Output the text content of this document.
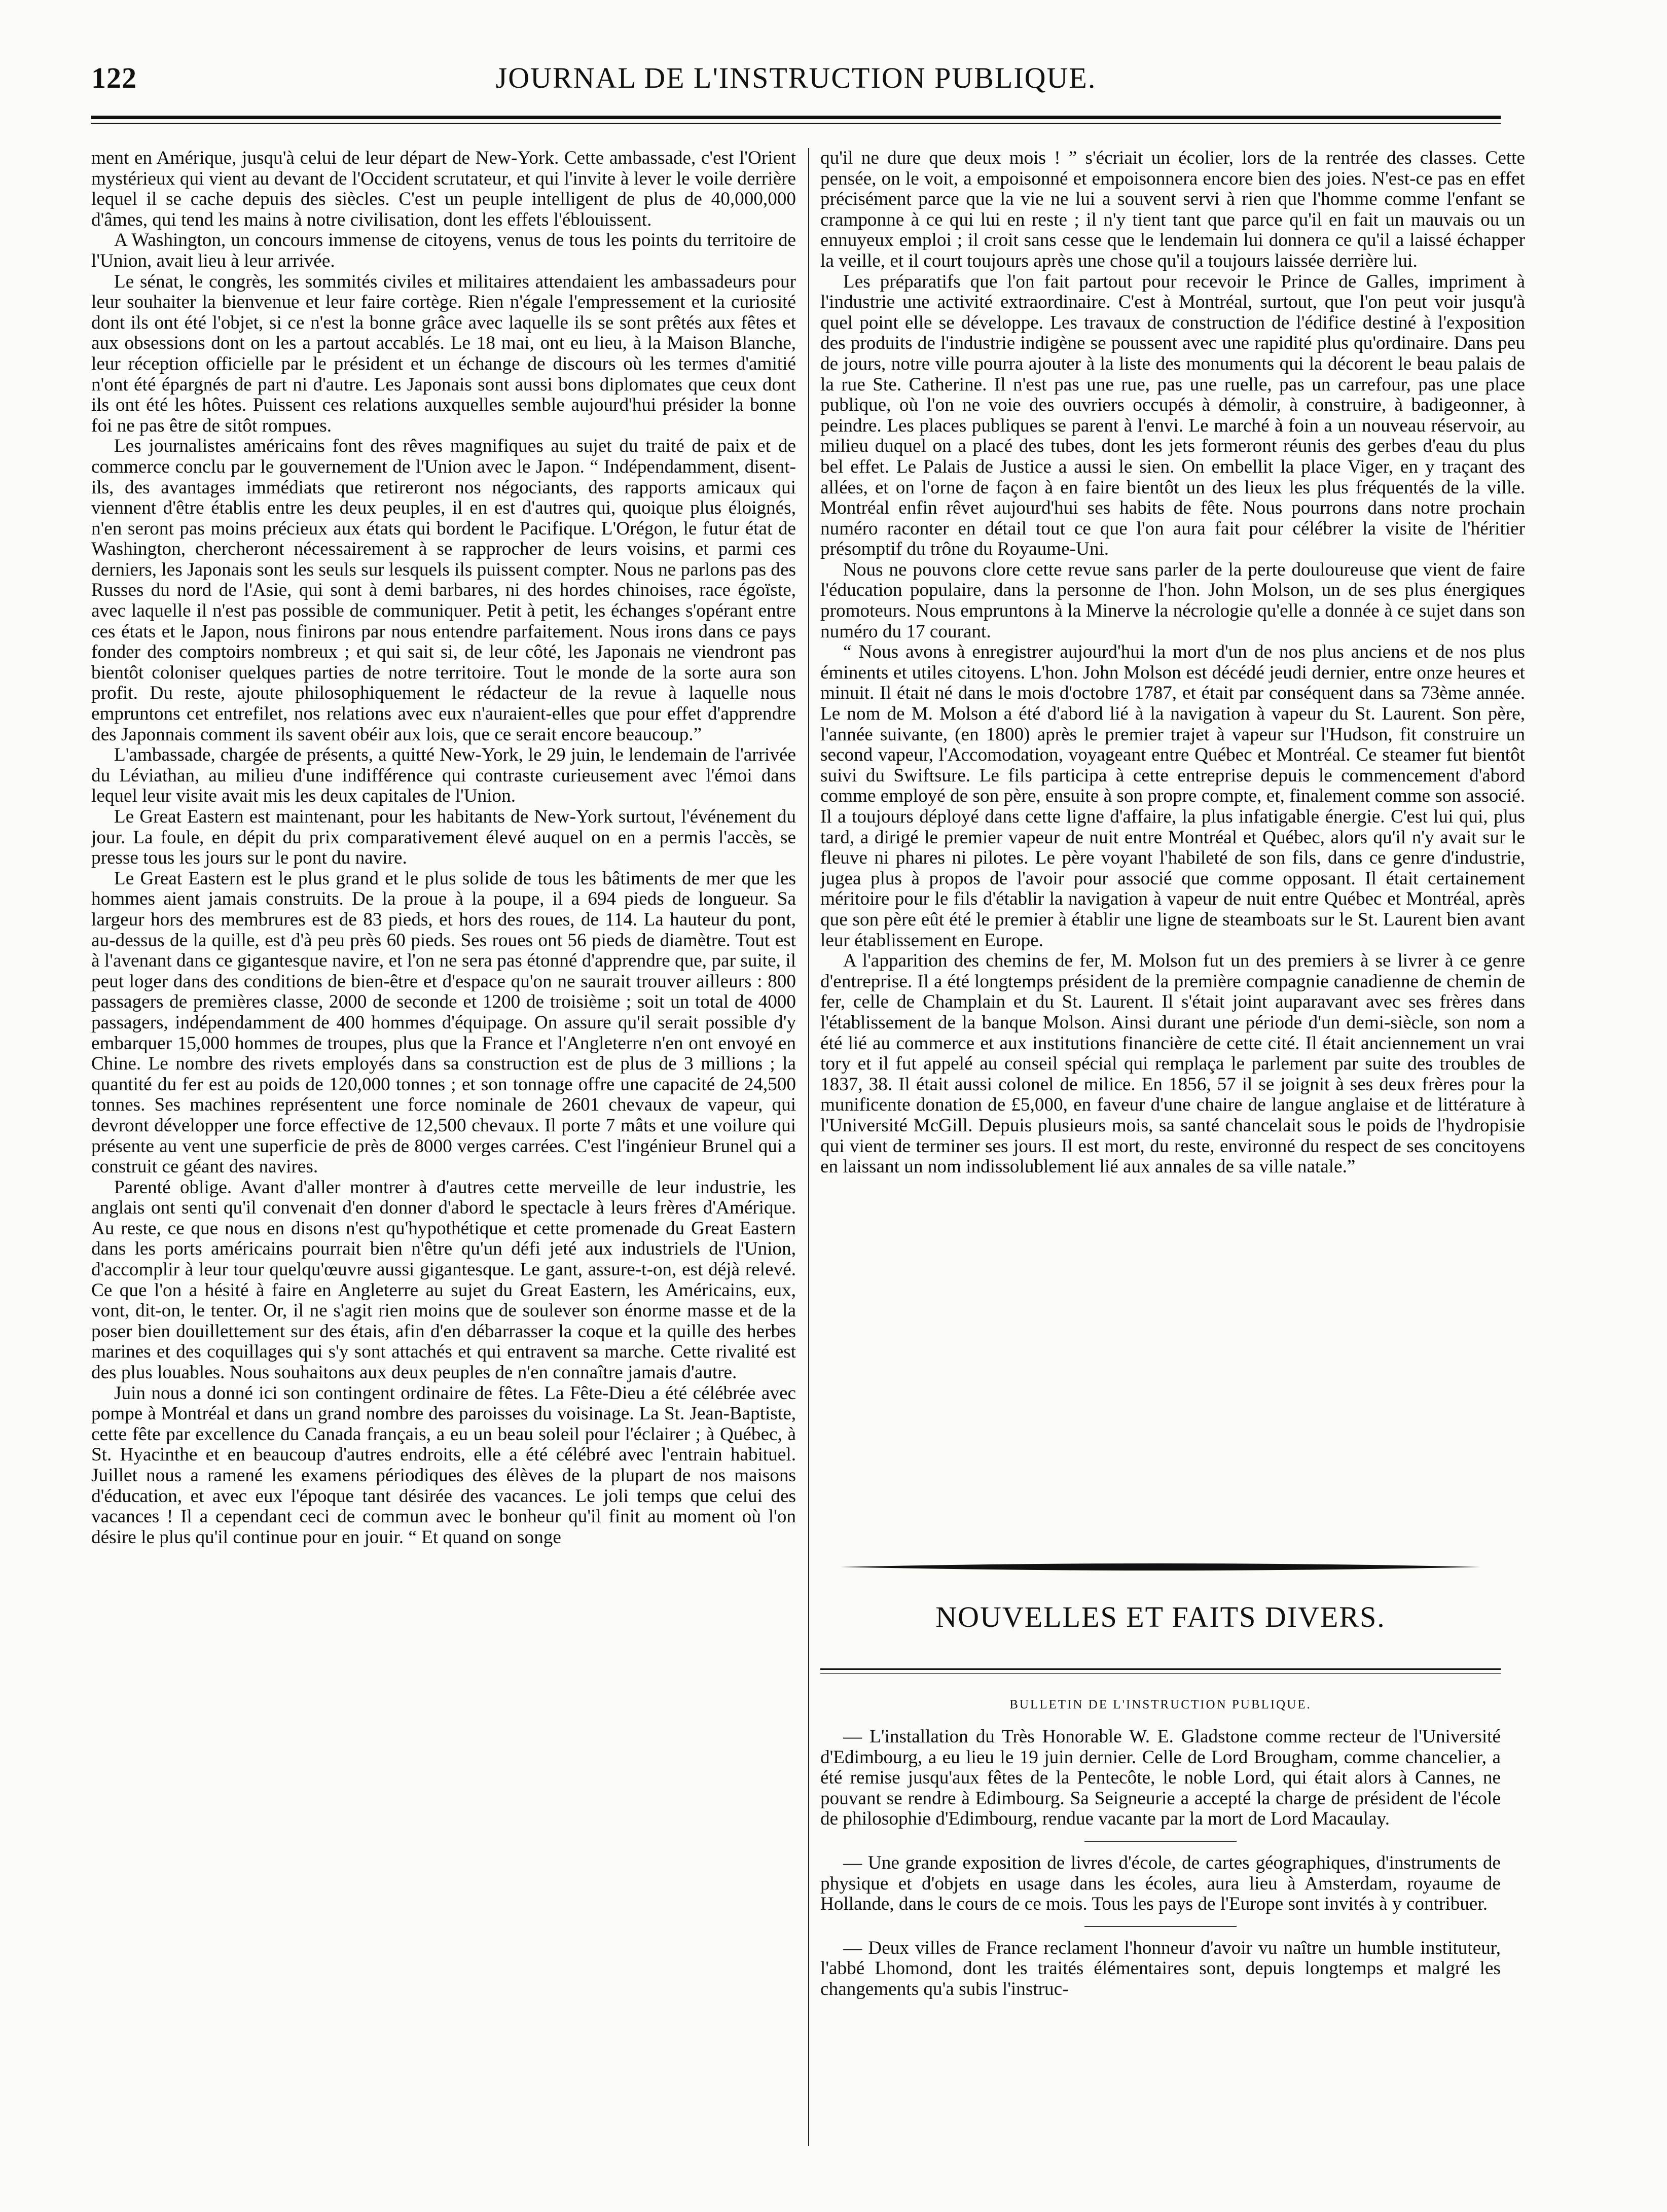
122	JOURNAL DE L'INSTRUCTION PUBLIQUE.

ment en Amérique, jusqu'à celui de leur départ de New-York. Cette ambassade, c'est l'Orient mystérieux qui vient au devant de l'Occident scrutateur, et qui l'invite à lever le voile derrière lequel il se cache depuis des siècles. C'est un peuple intelligent de plus de 40,000,000 d'âmes, qui tend les mains à notre civilisation, dont les effets l'éblouissent.

A Washington, un concours immense de citoyens, venus de tous les points du territoire de l'Union, avait lieu à leur arrivée.

Le sénat, le congrès, les sommités civiles et militaires attendaient les ambassadeurs pour leur souhaiter la bienvenue et leur faire cortège. Rien n'égale l'empressement et la curiosité dont ils ont été l'objet, si ce n'est la bonne grâce avec laquelle ils se sont prêtés aux fêtes et aux obsessions dont on les a partout accablés. Le 18 mai, ont eu lieu, à la Maison Blanche, leur réception officielle par le président et un échange de discours où les termes d'amitié n'ont été épargnés de part ni d'autre. Les Japonais sont aussi bons diplomates que ceux dont ils ont été les hôtes. Puissent ces relations auxquelles semble aujourd'hui présider la bonne foi ne pas être de sitôt rompues.

Les journalistes américains font des rêves magnifiques au sujet du traité de paix et de commerce conclu par le gouvernement de l'Union avec le Japon. “ Indépendamment, disent-ils, des avantages immédiats que retireront nos négociants, des rapports amicaux qui viennent d'être établis entre les deux peuples, il en est d'autres qui, quoique plus éloignés, n'en seront pas moins précieux aux états qui bordent le Pacifique. L'Orégon, le futur état de Washington, chercheront nécessairement à se rapprocher de leurs voisins, et parmi ces derniers, les Japonais sont les seuls sur lesquels ils puissent compter. Nous ne parlons pas des Russes du nord de l'Asie, qui sont à demi barbares, ni des hordes chinoises, race égoïste, avec laquelle il n'est pas possible de communiquer. Petit à petit, les échanges s'opérant entre ces états et le Japon, nous finirons par nous entendre parfaitement. Nous irons dans ce pays fonder des comptoirs nombreux ; et qui sait si, de leur côté, les Japonais ne viendront pas bientôt coloniser quelques parties de notre territoire. Tout le monde de la sorte aura son profit. Du reste, ajoute philosophiquement le rédacteur de la revue à laquelle nous empruntons cet entrefilet, nos relations avec eux n'auraient-elles que pour effet d'apprendre des Japonnais comment ils savent obéir aux lois, que ce serait encore beaucoup.”

L'ambassade, chargée de présents, a quitté New-York, le 29 juin, le lendemain de l'arrivée du Léviathan, au milieu d'une indifférence qui contraste curieusement avec l'émoi dans lequel leur visite avait mis les deux capitales de l'Union.

Le Great Eastern est maintenant, pour les habitants de New-York surtout, l'événement du jour. La foule, en dépit du prix comparativement élevé auquel on en a permis l'accès, se presse tous les jours sur le pont du navire.

Le Great Eastern est le plus grand et le plus solide de tous les bâtiments de mer que les hommes aient jamais construits. De la proue à la poupe, il a 694 pieds de longueur. Sa largeur hors des membrures est de 83 pieds, et hors des roues, de 114. La hauteur du pont, au-dessus de la quille, est d'à peu près 60 pieds. Ses roues ont 56 pieds de diamètre. Tout est à l'avenant dans ce gigantesque navire, et l'on ne sera pas étonné d'apprendre que, par suite, il peut loger dans des conditions de bien-être et d'espace qu'on ne saurait trouver ailleurs : 800 passagers de premières classe, 2000 de seconde et 1200 de troisième ; soit un total de 4000 passagers, indépendamment de 400 hommes d'équipage. On assure qu'il serait possible d'y embarquer 15,000 hommes de troupes, plus que la France et l'Angleterre n'en ont envoyé en Chine. Le nombre des rivets employés dans sa construction est de plus de 3 millions ; la quantité du fer est au poids de 120,000 tonnes ; et son tonnage offre une capacité de 24,500 tonnes. Ses machines représentent une force nominale de 2601 chevaux de vapeur, qui devront développer une force effective de 12,500 chevaux. Il porte 7 mâts et une voilure qui présente au vent une superficie de près de 8000 verges carrées. C'est l'ingénieur Brunel qui a construit ce géant des navires.

Parenté oblige. Avant d'aller montrer à d'autres cette merveille de leur industrie, les anglais ont senti qu'il convenait d'en donner d'abord le spectacle à leurs frères d'Amérique. Au reste, ce que nous en disons n'est qu'hypothétique et cette promenade du Great Eastern dans les ports américains pourrait bien n'être qu'un défi jeté aux industriels de l'Union, d'accomplir à leur tour quelqu'œuvre aussi gigantesque. Le gant, assure-t-on, est déjà relevé. Ce que l'on a hésité à faire en Angleterre au sujet du Great Eastern, les Américains, eux, vont, dit-on, le tenter. Or, il ne s'agit rien moins que de soulever son énorme masse et de la poser bien douillettement sur des étais, afin d'en débarrasser la coque et la quille des herbes marines et des coquillages qui s'y sont attachés et qui entravent sa marche. Cette rivalité est des plus louables. Nous souhaitons aux deux peuples de n'en connaître jamais d'autre.

Juin nous a donné ici son contingent ordinaire de fêtes. La Fête-Dieu a été célébrée avec pompe à Montréal et dans un grand nombre des paroisses du voisinage. La St. Jean-Baptiste, cette fête par excellence du Canada français, a eu un beau soleil pour l'éclairer ; à Québec, à St. Hyacinthe et en beaucoup d'autres endroits, elle a été célébré avec l'entrain habituel. Juillet nous a ramené les examens périodiques des élèves de la plupart de nos maisons d'éducation, et avec eux l'époque tant désirée des vacances. Le joli temps que celui des vacances ! Il a cependant ceci de commun avec le bonheur qu'il finit au moment où l'on désire le plus qu'il continue pour en jouir. “ Et quand on songe

qu'il ne dure que deux mois ! ” s'écriait un écolier, lors de la rentrée des classes. Cette pensée, on le voit, a empoisonné et empoisonnera encore bien des joies. N'est-ce pas en effet précisément parce que la vie ne lui a souvent servi à rien que l'homme comme l'enfant se cramponne à ce qui lui en reste ; il n'y tient tant que parce qu'il en fait un mauvais ou un ennuyeux emploi ; il croit sans cesse que le lendemain lui donnera ce qu'il a laissé échapper la veille, et il court toujours après une chose qu'il a toujours laissée derrière lui.

Les préparatifs que l'on fait partout pour recevoir le Prince de Galles, impriment à l'industrie une activité extraordinaire. C'est à Montréal, surtout, que l'on peut voir jusqu'à quel point elle se développe. Les travaux de construction de l'édifice destiné à l'exposition des produits de l'industrie indigène se poussent avec une rapidité plus qu'ordinaire. Dans peu de jours, notre ville pourra ajouter à la liste des monuments qui la décorent le beau palais de la rue Ste. Catherine. Il n'est pas une rue, pas une ruelle, pas un carrefour, pas une place publique, où l'on ne voie des ouvriers occupés à démolir, à construire, à badigeonner, à peindre. Les places publiques se parent à l'envi. Le marché à foin a un nouveau réservoir, au milieu duquel on a placé des tubes, dont les jets formeront réunis des gerbes d'eau du plus bel effet. Le Palais de Justice a aussi le sien. On embellit la place Viger, en y traçant des allées, et on l'orne de façon à en faire bientôt un des lieux les plus fréquentés de la ville. Montréal enfin rêvet aujourd'hui ses habits de fête. Nous pourrons dans notre prochain numéro raconter en détail tout ce que l'on aura fait pour célébrer la visite de l'héritier présomptif du trône du Royaume-Uni.

Nous ne pouvons clore cette revue sans parler de la perte douloureuse que vient de faire l'éducation populaire, dans la personne de l'hon. John Molson, un de ses plus énergiques promoteurs. Nous empruntons à la Minerve la nécrologie qu'elle a donnée à ce sujet dans son numéro du 17 courant.

“ Nous avons à enregistrer aujourd'hui la mort d'un de nos plus anciens et de nos plus éminents et utiles citoyens. L'hon. John Molson est décédé jeudi dernier, entre onze heures et minuit. Il était né dans le mois d'octobre 1787, et était par conséquent dans sa 73ème année. Le nom de M. Molson a été d'abord lié à la navigation à vapeur du St. Laurent. Son père, l'année suivante, (en 1800) après le premier trajet à vapeur sur l'Hudson, fit construire un second vapeur, l'Accomodation, voyageant entre Québec et Montréal. Ce steamer fut bientôt suivi du Swiftsure. Le fils participa à cette entreprise depuis le commencement d'abord comme employé de son père, ensuite à son propre compte, et, finalement comme son associé. Il a toujours déployé dans cette ligne d'affaire, la plus infatigable énergie. C'est lui qui, plus tard, a dirigé le premier vapeur de nuit entre Montréal et Québec, alors qu'il n'y avait sur le fleuve ni phares ni pilotes. Le père voyant l'habileté de son fils, dans ce genre d'industrie, jugea plus à propos de l'avoir pour associé que comme opposant. Il était certainement méritoire pour le fils d'établir la navigation à vapeur de nuit entre Québec et Montréal, après que son père eût été le premier à établir une ligne de steamboats sur le St. Laurent bien avant leur établissement en Europe.

A l'apparition des chemins de fer, M. Molson fut un des premiers à se livrer à ce genre d'entreprise. Il a été longtemps président de la première compagnie canadienne de chemin de fer, celle de Champlain et du St. Laurent. Il s'était joint auparavant avec ses frères dans l'établissement de la banque Molson. Ainsi durant une période d'un demi-siècle, son nom a été lié au commerce et aux institutions financière de cette cité. Il était anciennement un vrai tory et il fut appelé au conseil spécial qui remplaça le parlement par suite des troubles de 1837, 38. Il était aussi colonel de milice. En 1856, 57 il se joignit à ses deux frères pour la munificente donation de £5,000, en faveur d'une chaire de langue anglaise et de littérature à l'Université McGill. Depuis plusieurs mois, sa santé chancelait sous le poids de l'hydropisie qui vient de terminer ses jours. Il est mort, du reste, environné du respect de ses concitoyens en laissant un nom indissolublement lié aux annales de sa ville natale.”

NOUVELLES ET FAITS DIVERS.
BULLETIN DE L'INSTRUCTION PUBLIQUE.

— L'installation du Très Honorable W. E. Gladstone comme recteur de l'Université d'Edimbourg, a eu lieu le 19 juin dernier. Celle de Lord Brougham, comme chancelier, a été remise jusqu'aux fêtes de la Pentecôte, le noble Lord, qui était alors à Cannes, ne pouvant se rendre à Edimbourg. Sa Seigneurie a accepté la charge de président de l'école de philosophie d'Edimbourg, rendue vacante par la mort de Lord Macaulay.

— Une grande exposition de livres d'école, de cartes géographiques, d'instruments de physique et d'objets en usage dans les écoles, aura lieu à Amsterdam, royaume de Hollande, dans le cours de ce mois. Tous les pays de l'Europe sont invités à y contribuer.

— Deux villes de France reclament l'honneur d'avoir vu naître un humble instituteur, l'abbé Lhomond, dont les traités élémentaires sont, depuis longtemps et malgré les changements qu'a subis l'instruc-
